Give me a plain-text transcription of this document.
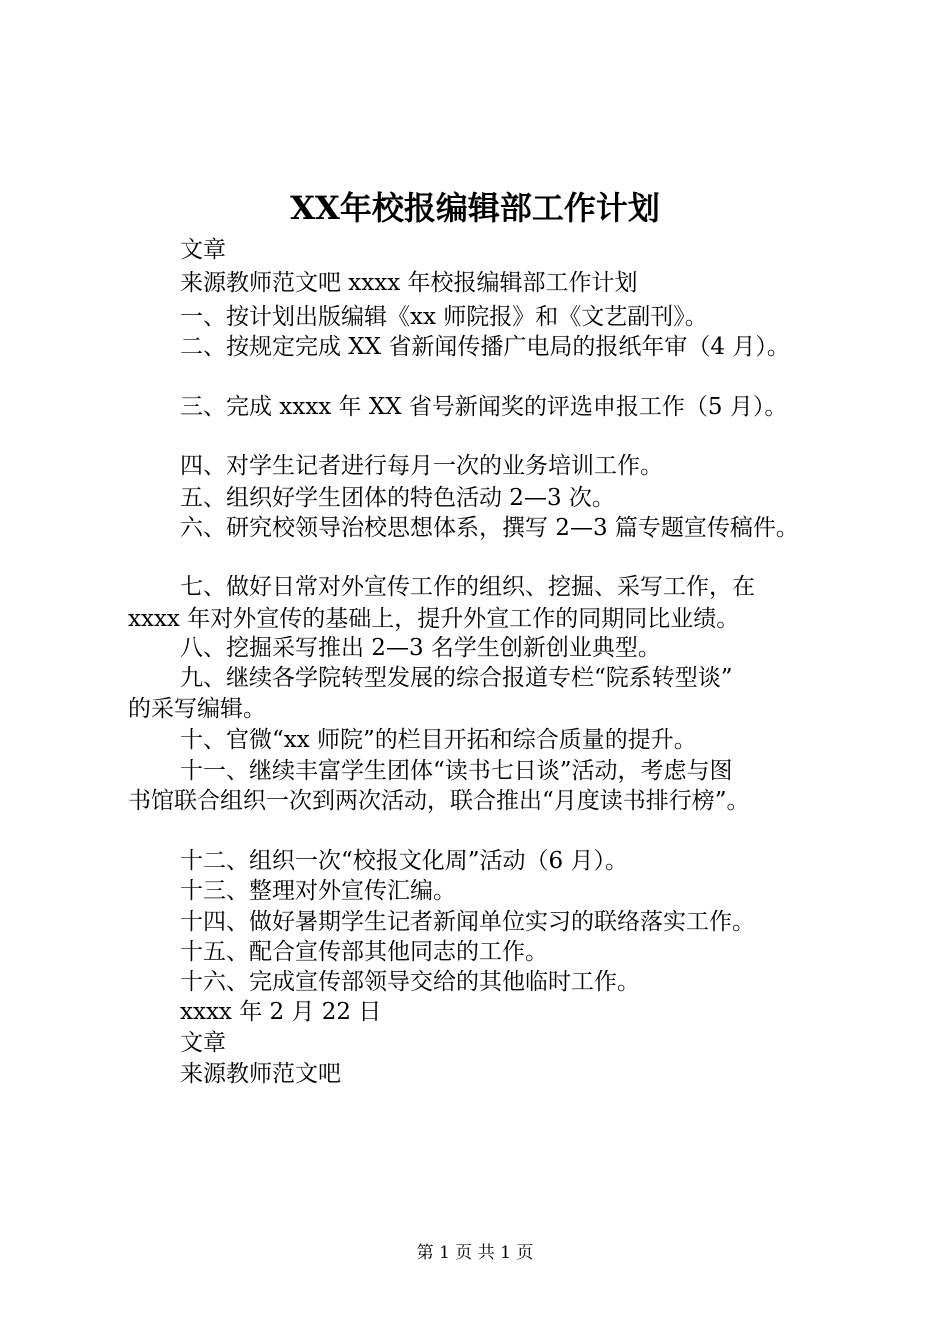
XX年校报编辑部工作计划
文章
来源教师范文吧 xxxx 年校报编辑部工作计划
一、按计划出版编辑《xx 师院报》和《文艺副刊》。
二、按规定完成 XX 省新闻传播广电局的报纸年审（4 月）。
三、完成 xxxx 年 XX 省号新闻奖的评选申报工作（5 月）。
四、对学生记者进行每月一次的业务培训工作。
五、组织好学生团体的特色活动 2—3 次。
六、研究校领导治校思想体系，撰写 2—3 篇专题宣传稿件。
七、做好日常对外宣传工作的组织、挖掘、采写工作，在
xxxx 年对外宣传的基础上，提升外宣工作的同期同比业绩。
八、挖掘采写推出 2—3 名学生创新创业典型。
九、继续各学院转型发展的综合报道专栏“院系转型谈”
的采写编辑。
十、官微“xx 师院”的栏目开拓和综合质量的提升。
十一、继续丰富学生团体“读书七日谈”活动，考虑与图
书馆联合组织一次到两次活动，联合推出“月度读书排行榜”。
十二、组织一次“校报文化周”活动（6 月）。
十三、整理对外宣传汇编。
十四、做好暑期学生记者新闻单位实习的联络落实工作。
十五、配合宣传部其他同志的工作。
十六、完成宣传部领导交给的其他临时工作。
xxxx 年 2 月 22 日
文章
来源教师范文吧
第 1 页 共 1 页
